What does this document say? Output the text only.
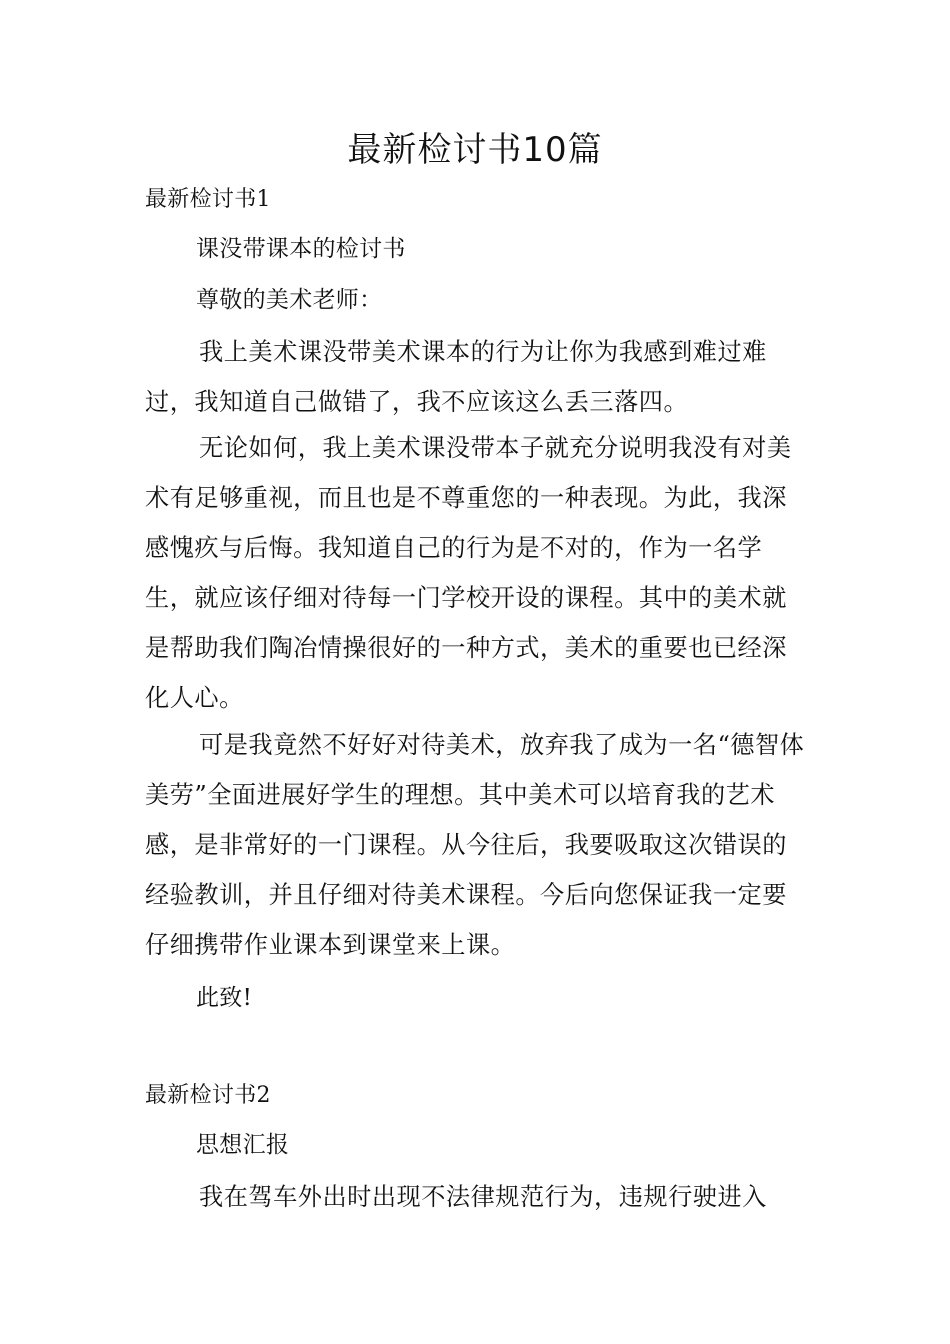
最新检讨书10篇

最新检讨书1

课没带课本的检讨书

尊敬的美术老师：

我上美术课没带美术课本的行为让你为我感到难过难过，我知道自己做错了，我不应该这么丢三落四。

无论如何，我上美术课没带本子就充分说明我没有对美术有足够重视，而且也是不尊重您的一种表现。为此，我深感愧疚与后悔。我知道自己的行为是不对的，作为一名学生，就应该仔细对待每一门学校开设的课程。其中的美术就是帮助我们陶冶情操很好的一种方式，美术的重要也已经深化人心。

可是我竟然不好好对待美术，放弃我了成为一名“德智体美劳”全面进展好学生的理想。其中美术可以培育我的艺术感，是非常好的一门课程。从今往后，我要吸取这次错误的经验教训，并且仔细对待美术课程。今后向您保证我一定要仔细携带作业课本到课堂来上课。

此致!

最新检讨书2

思想汇报

我在驾车外出时出现不法律规范行为，违规行驶进入
